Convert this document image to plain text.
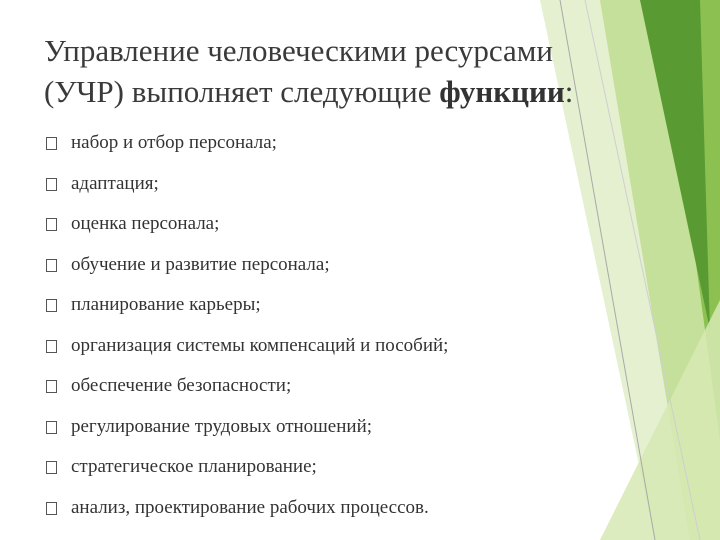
Управление человеческими ресурсами
(УЧР) выполняет следующие функции:
набор и отбор персонала;
адаптация;
оценка персонала;
обучение и развитие персонала;
планирование карьеры;
организация системы компенсаций и пособий;
обеспечение безопасности;
регулирование трудовых отношений;
стратегическое планирование;
анализ, проектирование рабочих процессов.
